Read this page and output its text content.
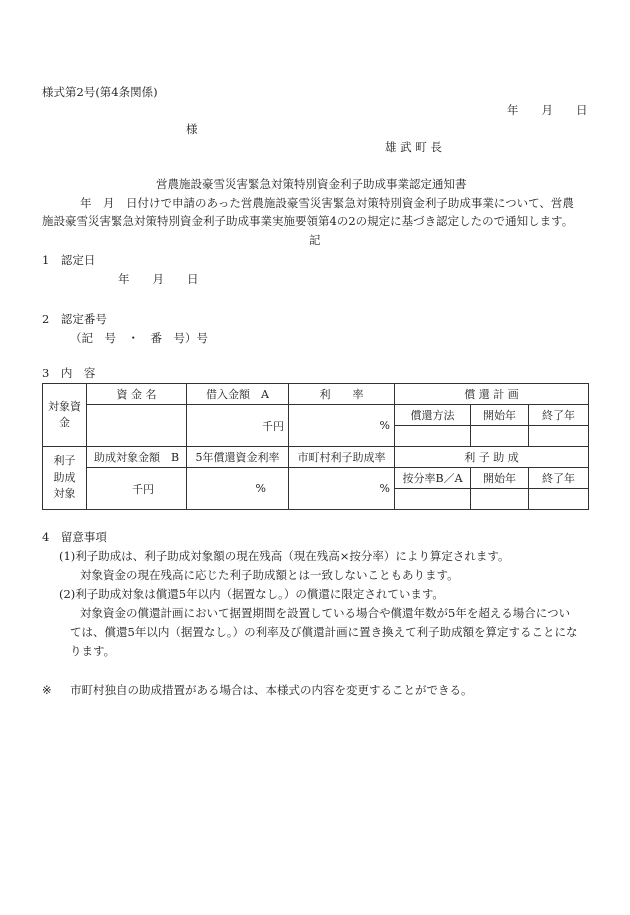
様式第2号(第4条関係)
年　　月　　日
様
雄 武 町 長
営農施設豪雪災害緊急対策特別資金利子助成事業認定通知書
年　月　日付けで申請のあった営農施設豪雪災害緊急対策特別資金利子助成事業について、営農
施設豪雪災害緊急対策特別資金利子助成事業実施要領第4の2の規定に基づき認定したので通知します。
記
1　認定日
年　　月　　日
2　認定番号
（記　号　・　番　号）号
3　内　容
対象資金	資 金 名	借入金額　A	利　　率	償 還 計 画		
		千円	%	償還方法	開始年	終了年

利子助成対象	助成対象金額　B	5年償還資金利率	市町村利子助成率	利 子 助 成		
	千円	%	%	按分率B／A	開始年	終了年

4　留意事項
(1)利子助成は、利子助成対象額の現在残高（現在残高×按分率）により算定されます。
対象資金の現在残高に応じた利子助成額とは一致しないこともあります。
(2)利子助成対象は償還5年以内（据置なし。）の償還に限定されています。
対象資金の償還計画において据置期間を設置している場合や償還年数が5年を超える場合につい
ては、償還5年以内（据置なし。）の利率及び償還計画に置き換えて利子助成額を算定することにな
ります。
※ 市町村独自の助成措置がある場合は、本様式の内容を変更することができる。
